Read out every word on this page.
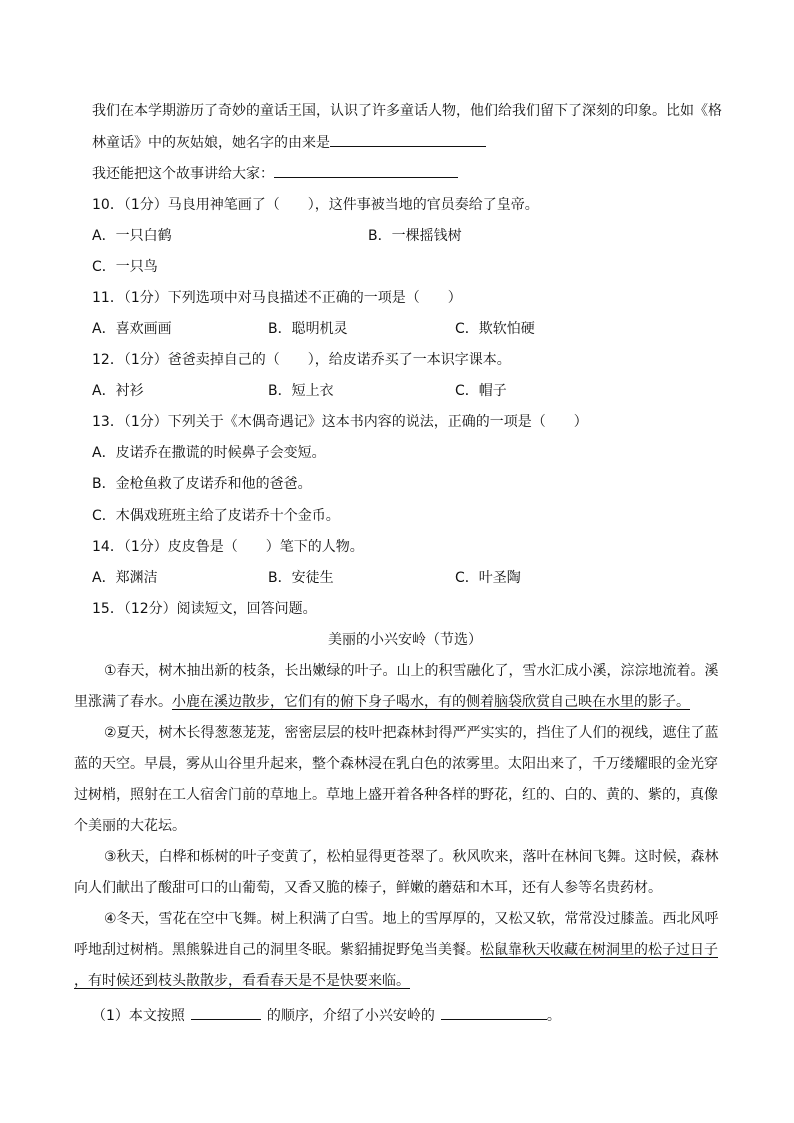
我们在本学期游历了奇妙的童话王国，认识了许多童话人物，他们给我们留下了深刻的印象。比如《格
林童话》中的灰姑娘，她名字的由来是
我还能把这个故事讲给大家：
10．（1分）马良用神笔画了（　　），这件事被当地的官员奏给了皇帝。
A．一只白鹤	B．一棵摇钱树
C．一只鸟
11．（1分）下列选项中对马良描述不正确的一项是（　　）
A．喜欢画画	B．聪明机灵	C．欺软怕硬
12．（1分）爸爸卖掉自己的（　　），给皮诺乔买了一本识字课本。
A．衬衫	B．短上衣	C．帽子
13．（1分）下列关于《木偶奇遇记》这本书内容的说法，正确的一项是（　　）
A．皮诺乔在撒谎的时候鼻子会变短。
B．金枪鱼救了皮诺乔和他的爸爸。
C．木偶戏班班主给了皮诺乔十个金币。
14．（1分）皮皮鲁是（　　）笔下的人物。
A．郑渊洁	B．安徒生	C．叶圣陶
15．（12分）阅读短文，回答问题。
美丽的小兴安岭（节选）
①春天，树木抽出新的枝条，长出嫩绿的叶子。山上的积雪融化了，雪水汇成小溪，淙淙地流着。溪
里涨满了春水。小鹿在溪边散步，它们有的俯下身子喝水，有的侧着脑袋欣赏自己映在水里的影子。
②夏天，树木长得葱葱茏茏，密密层层的枝叶把森林封得严严实实的，挡住了人们的视线，遮住了蓝
蓝的天空。早晨，雾从山谷里升起来，整个森林浸在乳白色的浓雾里。太阳出来了，千万缕耀眼的金光穿
过树梢，照射在工人宿舍门前的草地上。草地上盛开着各种各样的野花，红的、白的、黄的、紫的，真像
个美丽的大花坛。
③秋天，白桦和栎树的叶子变黄了，松柏显得更苍翠了。秋风吹来，落叶在林间飞舞。这时候，森林
向人们献出了酸甜可口的山葡萄，又香又脆的榛子，鲜嫩的蘑菇和木耳，还有人参等名贵药材。
④冬天，雪花在空中飞舞。树上积满了白雪。地上的雪厚厚的，又松又软，常常没过膝盖。西北风呼
呼地刮过树梢。黑熊躲进自己的洞里冬眠。紫貂捕捉野兔当美餐。松鼠靠秋天收藏在树洞里的松子过日子
，有时候还到枝头散散步，看看春天是不是快要来临。
（1）本文按照	的顺序，介绍了小兴安岭的	。
